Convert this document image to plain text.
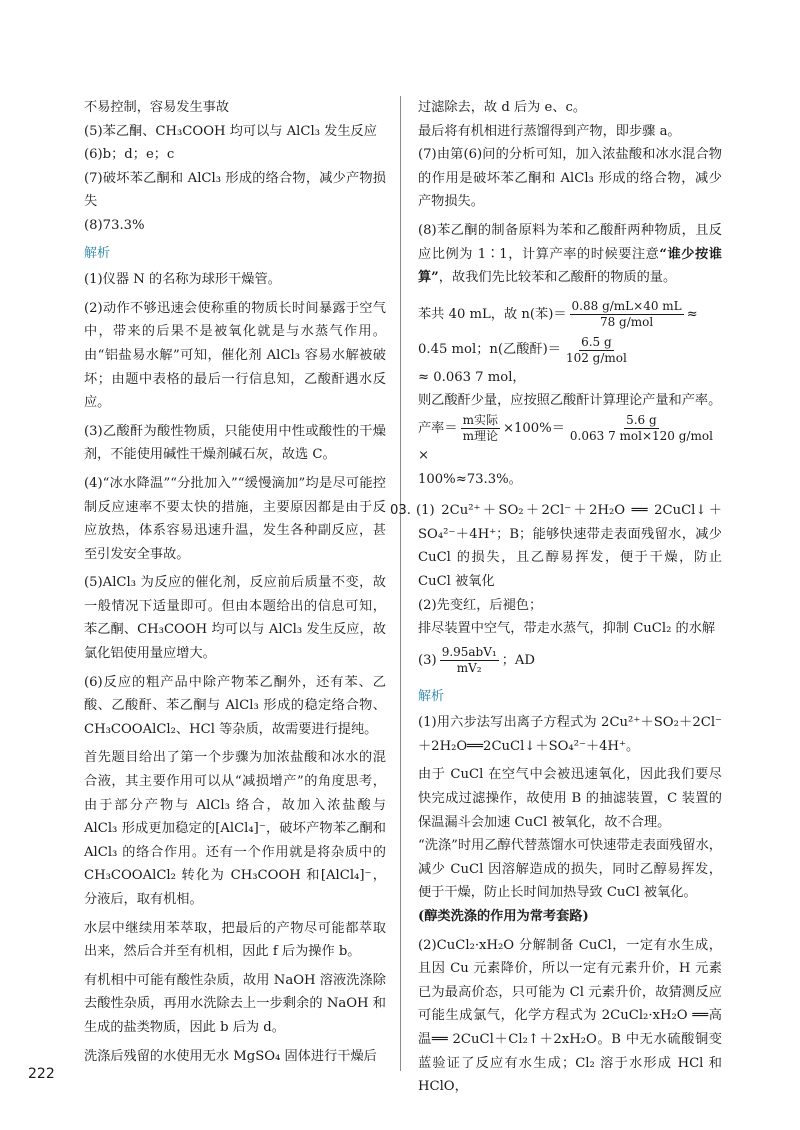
不易控制，容易发生事故

(5)苯乙酮、CH₃COOH 均可以与 AlCl₃ 发生反应

(6)b；d；e；c

(7)破坏苯乙酮和 AlCl₃ 形成的络合物，减少产物损失

(8)73.3%

解析

(1)仪器 N 的名称为球形干燥管。

(2)动作不够迅速会使称重的物质长时间暴露于空气中，带来的后果不是被氧化就是与水蒸气作用。由“铝盐易水解”可知，催化剂 AlCl₃ 容易水解被破坏；由题中表格的最后一行信息知，乙酸酐遇水反应。

(3)乙酸酐为酸性物质，只能使用中性或酸性的干燥剂，不能使用碱性干燥剂碱石灰，故选 C。

(4)“冰水降温”“分批加入”“缓慢滴加”均是尽可能控制反应速率不要太快的措施，主要原因都是由于反应放热，体系容易迅速升温，发生各种副反应，甚至引发安全事故。

(5)AlCl₃ 为反应的催化剂，反应前后质量不变，故一般情况下适量即可。但由本题给出的信息可知，苯乙酮、CH₃COOH 均可以与 AlCl₃ 发生反应，故氯化铝使用量应增大。

(6)反应的粗产品中除产物苯乙酮外，还有苯、乙酸、乙酸酐、苯乙酮与 AlCl₃ 形成的稳定络合物、CH₃COOAlCl₂、HCl 等杂质，故需要进行提纯。

首先题目给出了第一个步骤为加浓盐酸和冰水的混合液，其主要作用可以从“减损增产”的角度思考，由于部分产物与 AlCl₃ 络合，故加入浓盐酸与 AlCl₃ 形成更加稳定的[AlCl₄]⁻，破坏产物苯乙酮和 AlCl₃ 的络合作用。还有一个作用就是将杂质中的 CH₃COOAlCl₂ 转化为 CH₃COOH 和[AlCl₄]⁻，分液后，取有机相。

水层中继续用苯萃取，把最后的产物尽可能都萃取出来，然后合并至有机相，因此 f 后为操作 b。

有机相中可能有酸性杂质，故用 NaOH 溶液洗涤除去酸性杂质，再用水洗除去上一步剩余的 NaOH 和生成的盐类物质，因此 b 后为 d。

洗涤后残留的水使用无水 MgSO₄ 固体进行干燥后

过滤除去，故 d 后为 e、c。

最后将有机相进行蒸馏得到产物，即步骤 a。

(7)由第(6)问的分析可知，加入浓盐酸和冰水混合物的作用是破坏苯乙酮和 AlCl₃ 形成的络合物，减少产物损失。

(8)苯乙酮的制备原料为苯和乙酸酐两种物质，且反应比例为 1∶1，计算产率的时候要注意“谁少按谁算”，故我们先比较苯和乙酸酐的物质的量。

苯共 40 mL，故 n(苯)＝ $\frac{0.88 g/mL\times 40 mL}{\text{78 g/mol}}$ ≈
0.45 mol；n(乙酸酐)＝ $\frac{6.5 g}{\text{102 g/mol}}$
≈ 0.063 7 mol，

则乙酸酐少量，应按照乙酸酐计算理论产量和产率。

产率＝ $\frac{\text{m实际}}{\text{m理论}} \times 100\%= \frac{5.6 g}{\text{0.063 7 mol×120 g/mol}}$
×

100%≈73.3%。

03. (1) 2Cu²⁺＋SO₂＋2Cl⁻＋2H₂O ══ 2CuCl↓＋SO₄²⁻＋4H⁺；B；能够快速带走表面残留水，减少 CuCl 的损失，且乙醇易挥发，便于干燥，防止 CuCl 被氧化

(2)先变红，后褪色；

排尽装置中空气，带走水蒸气，抑制 CuCl₂ 的水解

$(3) \frac{\text{9.95abV₁}}{\text{mV₂}}$ ；AD
解析

(1)用六步法写出离子方程式为 2Cu²⁺＋SO₂＋2Cl⁻＋2H₂O══2CuCl↓＋SO₄²⁻＋4H⁺。

由于 CuCl 在空气中会被迅速氧化，因此我们要尽快完成过滤操作，故使用 B 的抽滤装置，C 装置的保温漏斗会加速 CuCl 被氧化，故不合理。

“洗涤”时用乙醇代替蒸馏水可快速带走表面残留水，减少 CuCl 因溶解造成的损失，同时乙醇易挥发，便于干燥，防止长时间加热导致 CuCl 被氧化。

(醇类洗涤的作用为常考套路)

(2)CuCl₂·xH₂O 分解制备 CuCl，一定有水生成，且因 Cu 元素降价，所以一定有元素升价，H 元素已为最高价态，只可能为 Cl 元素升价，故猜测反应可能生成氯气，化学方程式为 2CuCl₂·xH₂O ══高温══ 2CuCl＋Cl₂↑＋2xH₂O。B 中无水硫酸铜变蓝验证了反应有水生成；Cl₂ 溶于水形成 HCl 和 HClO，

222
